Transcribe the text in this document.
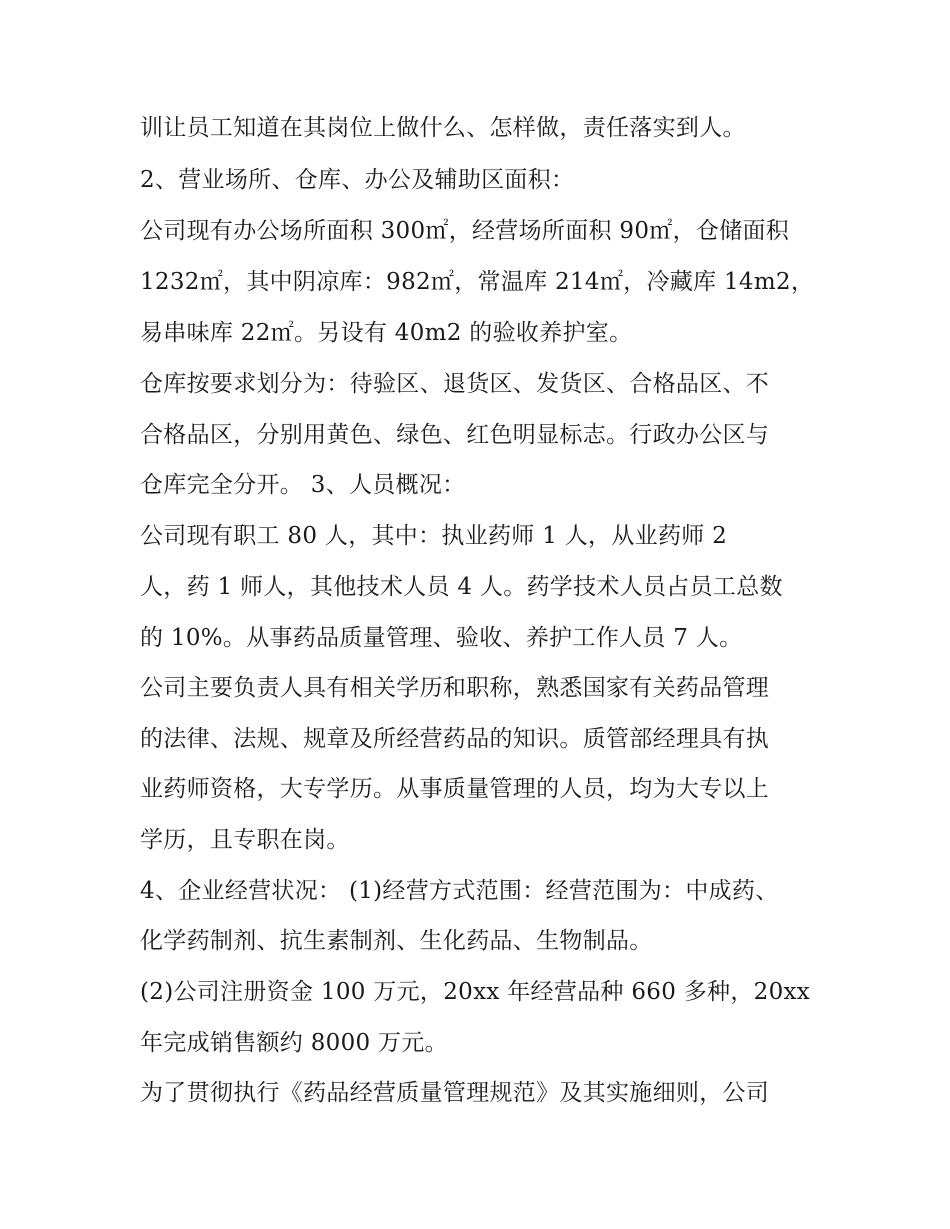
训让员工知道在其岗位上做什么、怎样做，责任落实到人。
2、营业场所、仓库、办公及辅助区面积：
公司现有办公场所面积 300㎡，经营场所面积 90㎡，仓储面积
1232㎡，其中阴凉库：982㎡，常温库 214㎡，冷藏库 14m2，
易串味库 22㎡。另设有 40m2 的验收养护室。
仓库按要求划分为：待验区、退货区、发货区、合格品区、不
合格品区，分别用黄色、绿色、红色明显标志。行政办公区与
仓库完全分开。 3、人员概况：
公司现有职工 80 人，其中：执业药师 1 人，从业药师 2
人，药 1 师人，其他技术人员 4 人。药学技术人员占员工总数
的 10%。从事药品质量管理、验收、养护工作人员 7 人。
公司主要负责人具有相关学历和职称，熟悉国家有关药品管理
的法律、法规、规章及所经营药品的知识。质管部经理具有执
业药师资格，大专学历。从事质量管理的人员，均为大专以上
学历，且专职在岗。
4、企业经营状况： (1)经营方式范围：经营范围为：中成药、
化学药制剂、抗生素制剂、生化药品、生物制品。
(2)公司注册资金 100 万元，20xx 年经营品种 660 多种，20xx
年完成销售额约 8000 万元。
为了贯彻执行《药品经营质量管理规范》及其实施细则，公司
